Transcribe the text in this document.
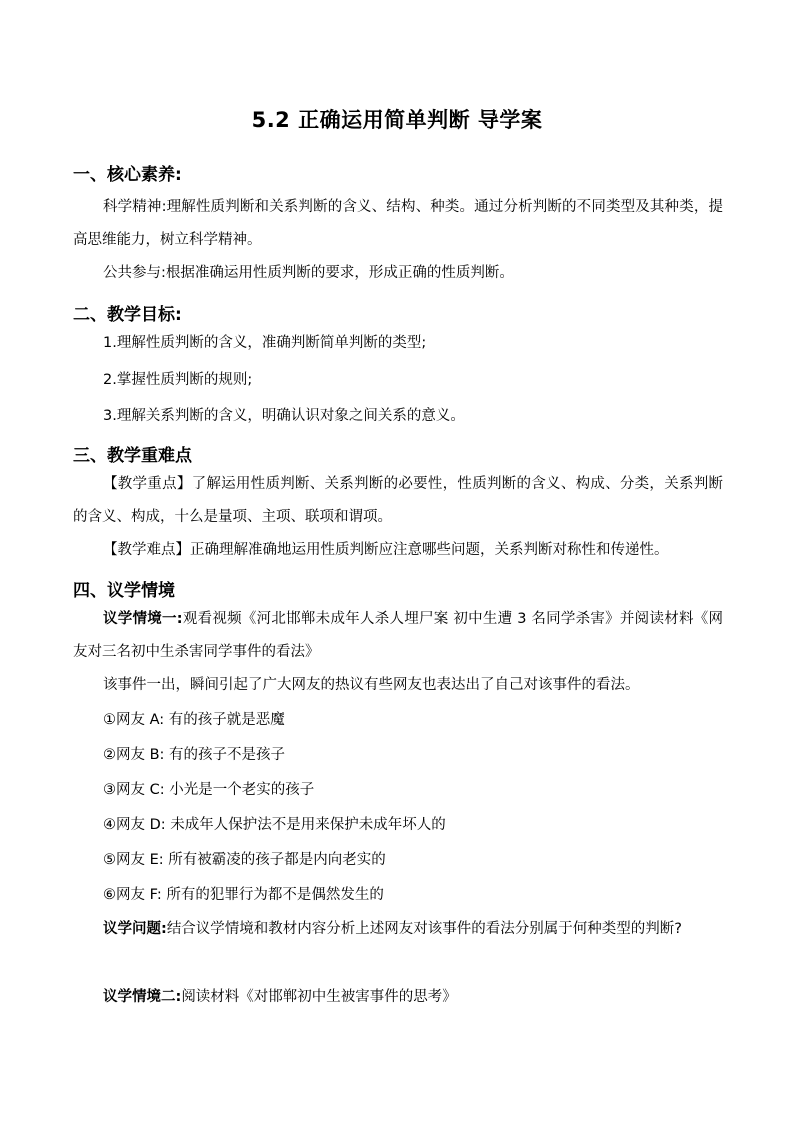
5.2 正确运用简单判断 导学案
一、核心素养:
科学精神:理解性质判断和关系判断的含义、结构、种类。通过分析判断的不同类型及其种类，提高思维能力，树立科学精神。
公共参与:根据准确运用性质判断的要求，形成正确的性质判断。
二、教学目标:
1.理解性质判断的含义，准确判断简单判断的类型;
2.掌握性质判断的规则;
3.理解关系判断的含义，明确认识对象之间关系的意义。
三、教学重难点
【教学重点】了解运用性质判断、关系判断的必要性，性质判断的含义、构成、分类，关系判断的含义、构成，十么是量项、主项、联项和谓项。
【教学难点】正确理解准确地运用性质判断应注意哪些问题，关系判断对称性和传递性。
四、议学情境
议学情境一:观看视频《河北邯郸未成年人杀人埋尸案 初中生遭 3 名同学杀害》并阅读材料《网友对三名初中生杀害同学事件的看法》
该事件一出，瞬间引起了广大网友的热议有些网友也表达出了自己对该事件的看法。
①网友 A: 有的孩子就是恶魔
②网友 B: 有的孩子不是孩子
③网友 C: 小光是一个老实的孩子
④网友 D: 未成年人保护法不是用来保护未成年坏人的
⑤网友 E: 所有被霸凌的孩子都是内向老实的
⑥网友 F: 所有的犯罪行为都不是偶然发生的
议学问题:结合议学情境和教材内容分析上述网友对该事件的看法分别属于何种类型的判断?
议学情境二:阅读材料《对邯郸初中生被害事件的思考》
